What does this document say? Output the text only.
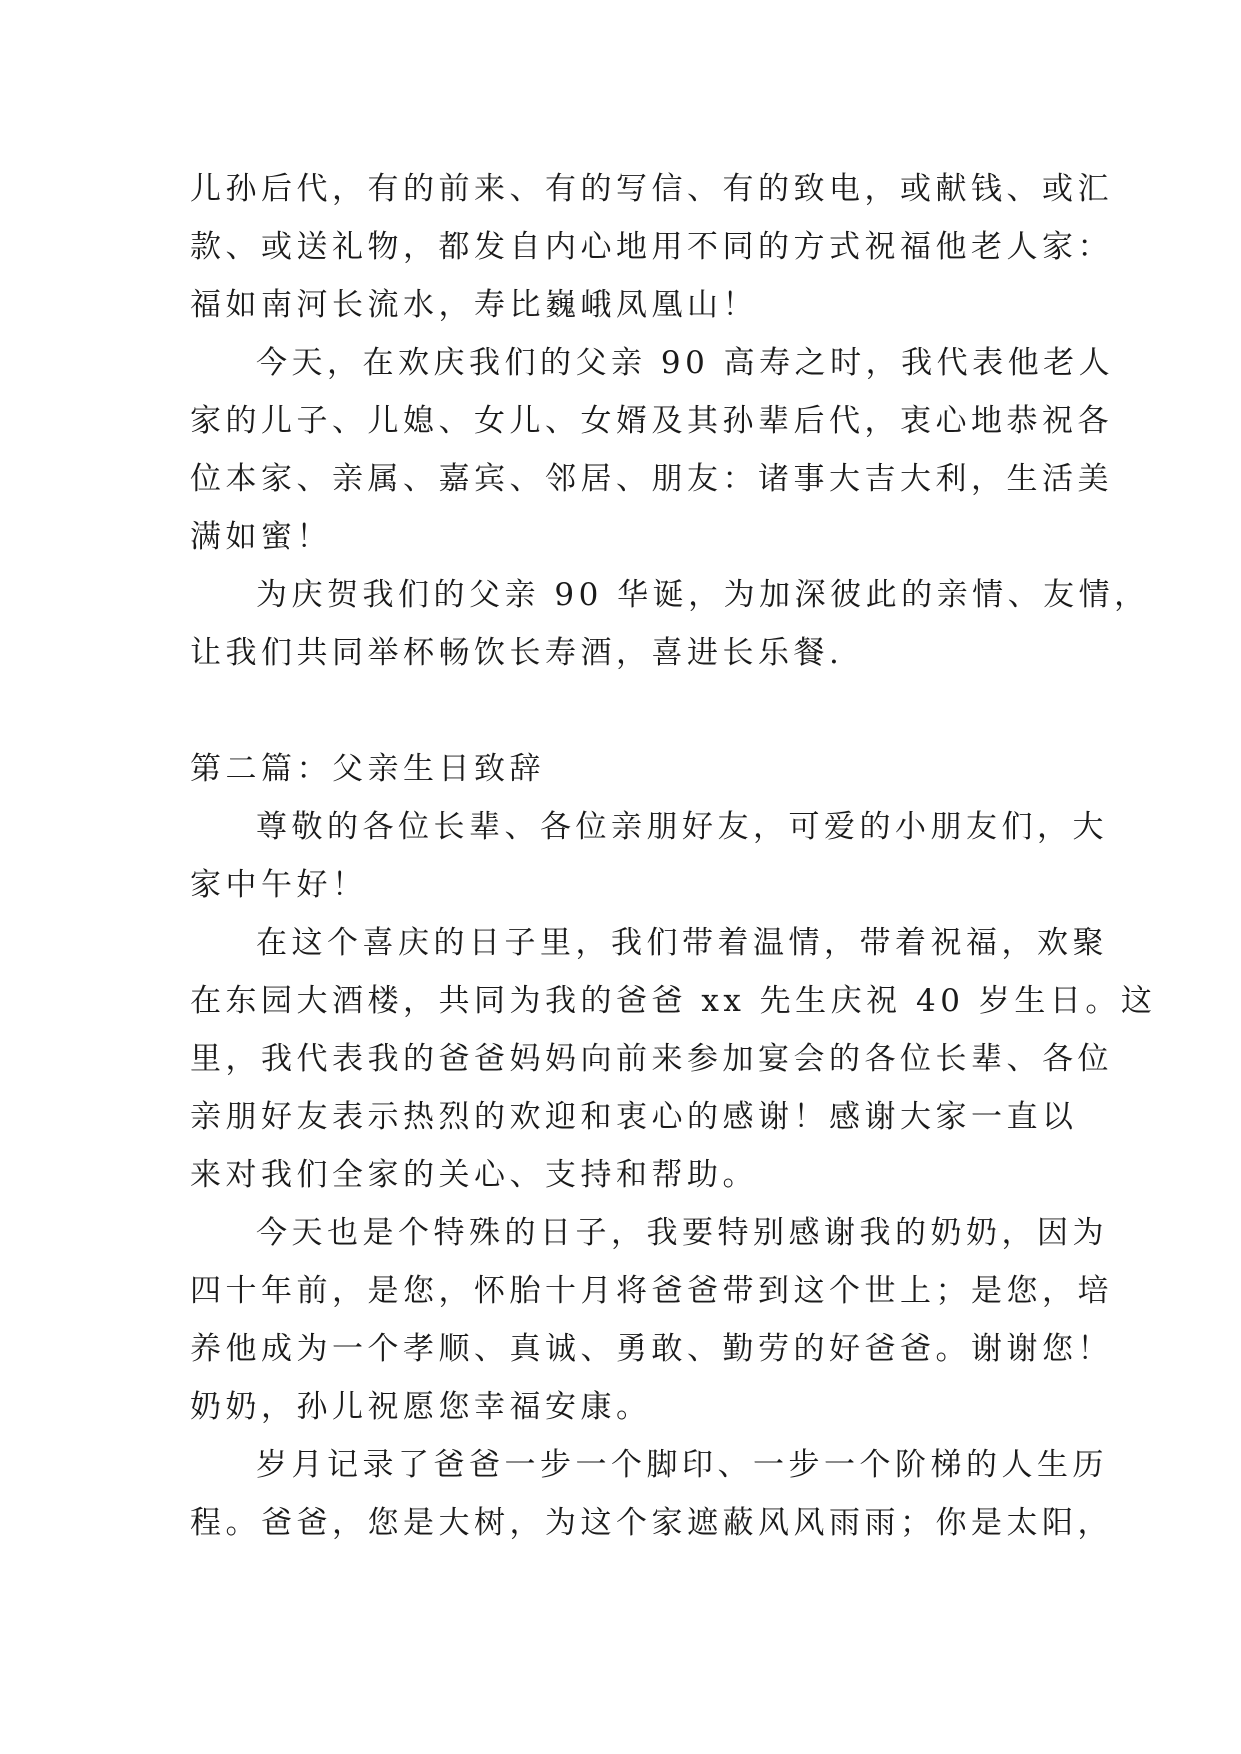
儿孙后代，有的前来、有的写信、有的致电，或献钱、或汇
款、或送礼物，都发自内心地用不同的方式祝福他老人家：
福如南河长流水，寿比巍峨凤凰山！
今天，在欢庆我们的父亲 90 高寿之时，我代表他老人
家的儿子、儿媳、女儿、女婿及其孙辈后代，衷心地恭祝各
位本家、亲属、嘉宾、邻居、朋友：诸事大吉大利，生活美
满如蜜！
为庆贺我们的父亲 90 华诞，为加深彼此的亲情、友情，
让我们共同举杯畅饮长寿酒，喜进长乐餐.
第二篇：父亲生日致辞
尊敬的各位长辈、各位亲朋好友，可爱的小朋友们，大
家中午好！
在这个喜庆的日子里，我们带着温情，带着祝福，欢聚
在东园大酒楼，共同为我的爸爸 xx 先生庆祝 40 岁生日。这
里，我代表我的爸爸妈妈向前来参加宴会的各位长辈、各位
亲朋好友表示热烈的欢迎和衷心的感谢！感谢大家一直以
来对我们全家的关心、支持和帮助。
今天也是个特殊的日子，我要特别感谢我的奶奶，因为
四十年前，是您，怀胎十月将爸爸带到这个世上；是您，培
养他成为一个孝顺、真诚、勇敢、勤劳的好爸爸。谢谢您！
奶奶，孙儿祝愿您幸福安康。
岁月记录了爸爸一步一个脚印、一步一个阶梯的人生历
程。爸爸，您是大树，为这个家遮蔽风风雨雨；你是太阳，
